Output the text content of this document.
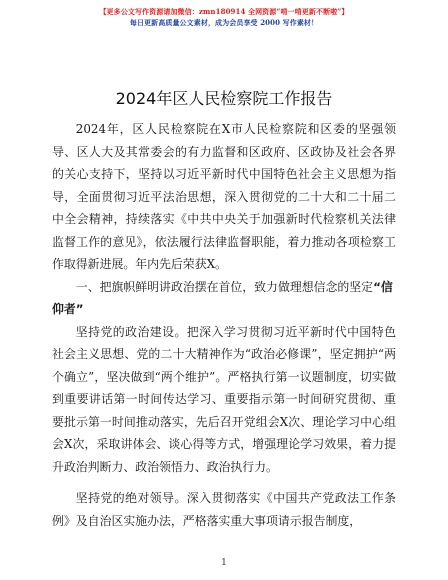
【更多公文写作资源请加微信：zmn180914 全网资源“啃一啃更新不断啦”】
每日更新高质量公文素材，成为会员享受 2000 写作素材！
2024年区人民检察院工作报告

2024年，区人民检察院在X市人民检察院和区委的坚强领导、区人大及其常委会的有力监督和区政府、区政协及社会各界的关心支持下，坚持以习近平新时代中国特色社会主义思想为指导，全面贯彻习近平法治思想，深入贯彻党的二十大和二十届二中全会精神，持续落实《中共中央关于加强新时代检察机关法律监督工作的意见》，依法履行法律监督职能，着力推动各项检察工作取得新进展。年内先后荣获X。

一、把旗帜鲜明讲政治摆在首位，致力做理想信念的坚定“信仰者”

坚持党的政治建设。把深入学习贯彻习近平新时代中国特色社会主义思想、党的二十大精神作为“政治必修课”，坚定拥护“两个确立”，坚决做到“两个维护”。严格执行第一议题制度，切实做到重要讲话第一时间传达学习、重要指示第一时间研究贯彻、重要批示第一时间推动落实，先后召开党组会X次、理论学习中心组会X次，采取讲体会、谈心得等方式，增强理论学习效果，着力提升政治判断力、政治领悟力、政治执行力。

坚持党的绝对领导。深入贯彻落实《中国共产党政法工作条例》及自治区实施办法，严格落实重大事项请示报告制度，

1
